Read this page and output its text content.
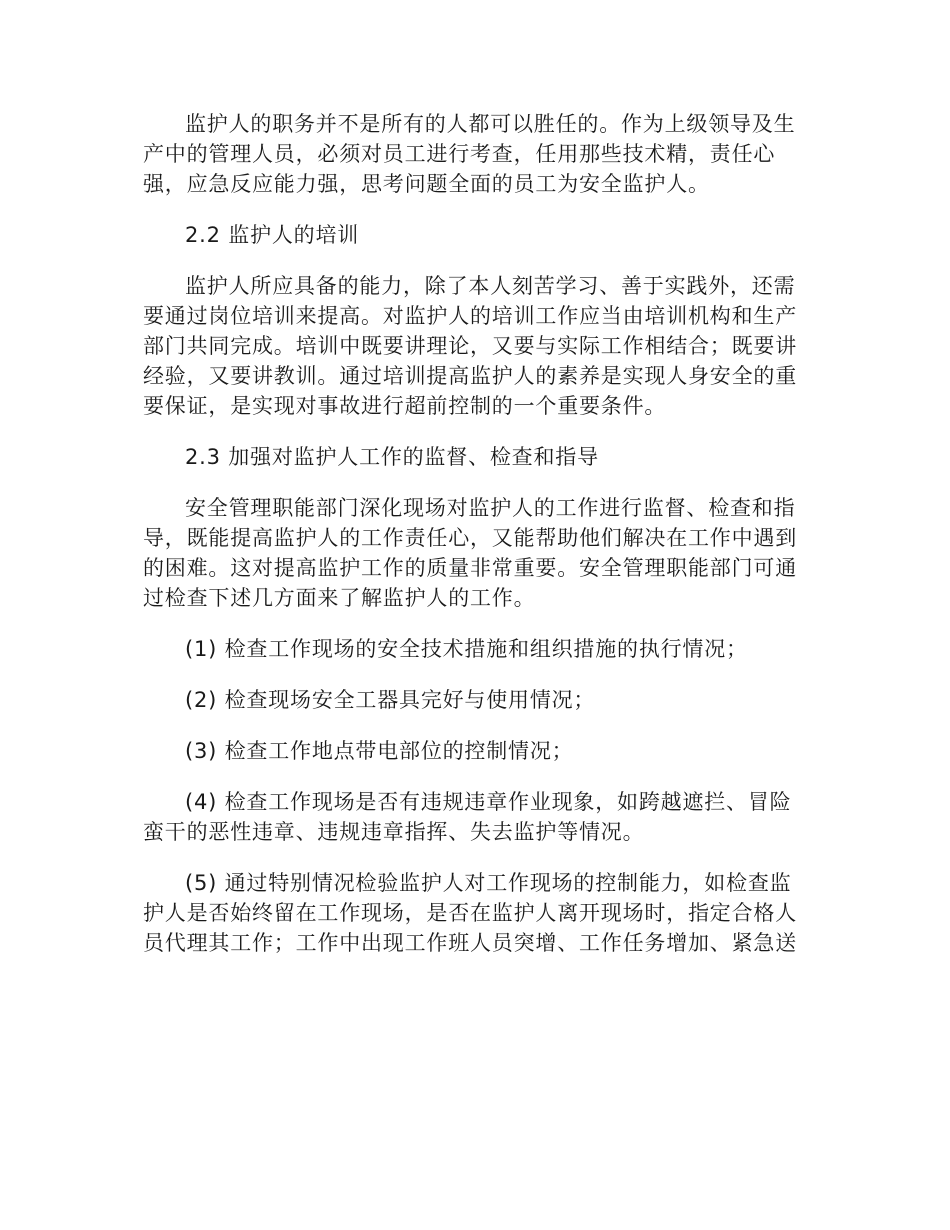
监护人的职务并不是所有的人都可以胜任的。作为上级领导及生产中的管理人员，必须对员工进行考查，任用那些技术精，责任心强，应急反应能力强，思考问题全面的员工为安全监护人。

2.2 监护人的培训

监护人所应具备的能力，除了本人刻苦学习、善于实践外，还需要通过岗位培训来提高。对监护人的培训工作应当由培训机构和生产部门共同完成。培训中既要讲理论，又要与实际工作相结合；既要讲经验，又要讲教训。通过培训提高监护人的素养是实现人身安全的重要保证，是实现对事故进行超前控制的一个重要条件。

2.3 加强对监护人工作的监督、检查和指导

安全管理职能部门深化现场对监护人的工作进行监督、检查和指导，既能提高监护人的工作责任心，又能帮助他们解决在工作中遇到的困难。这对提高监护工作的质量非常重要。安全管理职能部门可通过检查下述几方面来了解监护人的工作。

(1) 检查工作现场的安全技术措施和组织措施的执行情况；

(2) 检查现场安全工器具完好与使用情况；

(3) 检查工作地点带电部位的控制情况；

(4) 检查工作现场是否有违规违章作业现象，如跨越遮拦、冒险蛮干的恶性违章、违规违章指挥、失去监护等情况。

(5) 通过特别情况检验监护人对工作现场的控制能力，如检查监护人是否始终留在工作现场，是否在监护人离开现场时，指定合格人员代理其工作；工作中出现工作班人员突增、工作任务增加、紧急送
